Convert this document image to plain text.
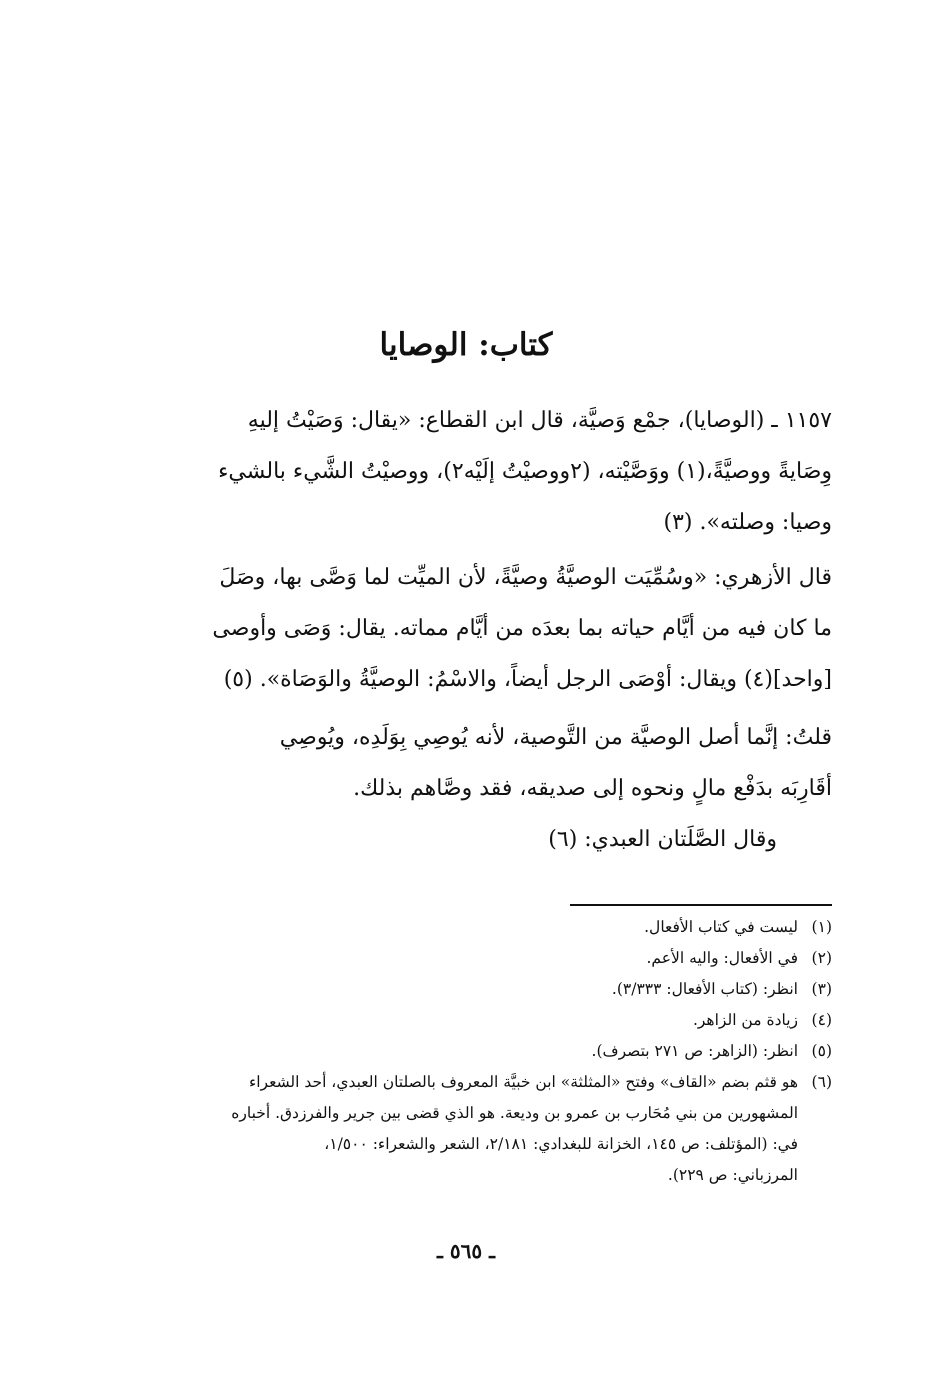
كتاب: الوصايا
١١٥٧ ـ (الوصايا)، جمْع وَصيَّة، قال ابن القطاع: «يقال: وَصَيْتُ إليهِ
وِصَايةً ووصيَّةً،(١) ووَصَّيْته، (٢ووصيْتُ إلَيْه٢)، ووصيْتُ الشَّيء بالشيء
وصيا: وصلته». (٣)
قال الأزهري: «وسُمِّيَت الوصيَّةُ وصيَّةً، لأن الميِّت لما وَصَّى بها، وصَلَ
ما كان فيه من أيَّام حياته بما بعدَه من أيَّام مماته. يقال: وَصَى وأوصى
[واحد](٤) ويقال: أوْصَى الرجل أيضاً، والاسْمُ: الوصيَّةُ والوَصَاة». (٥)
قلتُ: إنَّما أصل الوصيَّة من التَّوصية، لأنه يُوصِي بِوَلَدِه، ويُوصِي
أقَارِبَه بدَفْع مالٍ ونحوه إلى صديقه، فقد وصَّاهم بذلك.
وقال الصَّلَتان العبدي: (٦)
(١)ليست في كتاب الأفعال.
(٢)في الأفعال: واليه الأعم.
(٣)انظر: (كتاب الأفعال: ٣/٣٣٣).
(٤)زيادة من الزاهر.
(٥)انظر: (الزاهر: ص ٢٧١ بتصرف).
(٦)هو قثم بضم «القاف» وفتح «المثلثة» ابن خبيَّة المعروف بالصلتان العبدي، أحد الشعراء
المشهورين من بني مُحَارب بن عمرو بن وديعة. هو الذي قضى بين جرير والفرزدق. أخباره
في: (المؤتلف: ص ١٤٥، الخزانة للبغدادي: ٢/١٨١، الشعر والشعراء: ١/٥٠٠،
المرزباني: ص ٢٢٩).
ـ ٥٦٥ ـ
